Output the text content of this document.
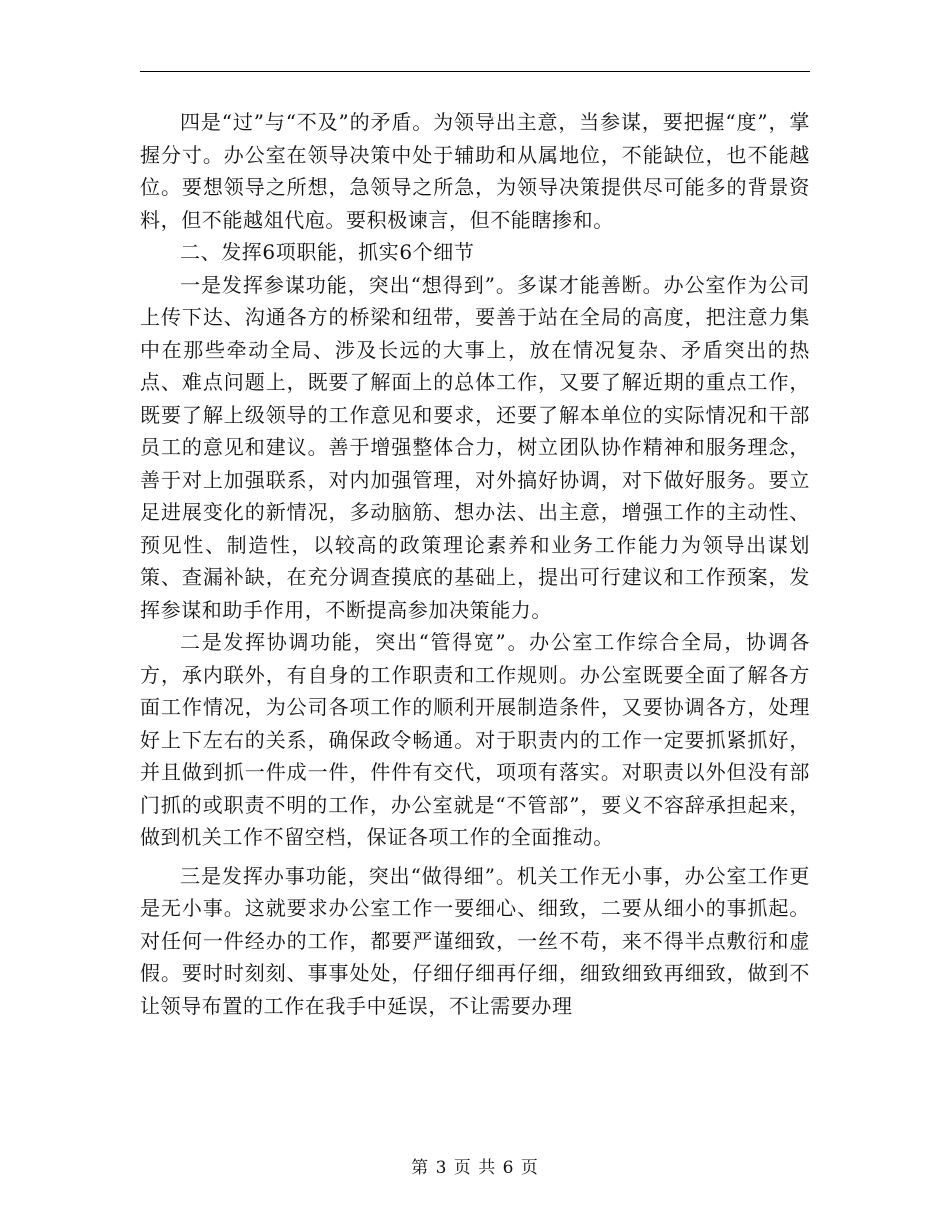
四是“过”与“不及”的矛盾。为领导出主意，当参谋，要把握“度”，掌握分寸。办公室在领导决策中处于辅助和从属地位，不能缺位，也不能越位。要想领导之所想，急领导之所急，为领导决策提供尽可能多的背景资料，但不能越俎代庖。要积极谏言，但不能瞎掺和。

二、发挥6项职能，抓实6个细节

一是发挥参谋功能，突出“想得到”。多谋才能善断。办公室作为公司上传下达、沟通各方的桥梁和纽带，要善于站在全局的高度，把注意力集中在那些牵动全局、涉及长远的大事上，放在情况复杂、矛盾突出的热点、难点问题上，既要了解面上的总体工作，又要了解近期的重点工作，既要了解上级领导的工作意见和要求，还要了解本单位的实际情况和干部员工的意见和建议。善于增强整体合力，树立团队协作精神和服务理念，善于对上加强联系，对内加强管理，对外搞好协调，对下做好服务。要立足进展变化的新情况，多动脑筋、想办法、出主意，增强工作的主动性、预见性、制造性，以较高的政策理论素养和业务工作能力为领导出谋划策、查漏补缺，在充分调查摸底的基础上，提出可行建议和工作预案，发挥参谋和助手作用，不断提高参加决策能力。

二是发挥协调功能，突出“管得宽”。办公室工作综合全局，协调各方，承内联外，有自身的工作职责和工作规则。办公室既要全面了解各方面工作情况，为公司各项工作的顺利开展制造条件，又要协调各方，处理好上下左右的关系，确保政令畅通。对于职责内的工作一定要抓紧抓好，并且做到抓一件成一件，件件有交代，项项有落实。对职责以外但没有部门抓的或职责不明的工作，办公室就是“不管部”，要义不容辞承担起来，做到机关工作不留空档，保证各项工作的全面推动。

三是发挥办事功能，突出“做得细”。机关工作无小事，办公室工作更是无小事。这就要求办公室工作一要细心、细致，二要从细小的事抓起。对任何一件经办的工作，都要严谨细致，一丝不苟，来不得半点敷衍和虚假。要时时刻刻、事事处处，仔细仔细再仔细，细致细致再细致，做到不让领导布置的工作在我手中延误，不让需要办理

第 3 页 共 6 页
